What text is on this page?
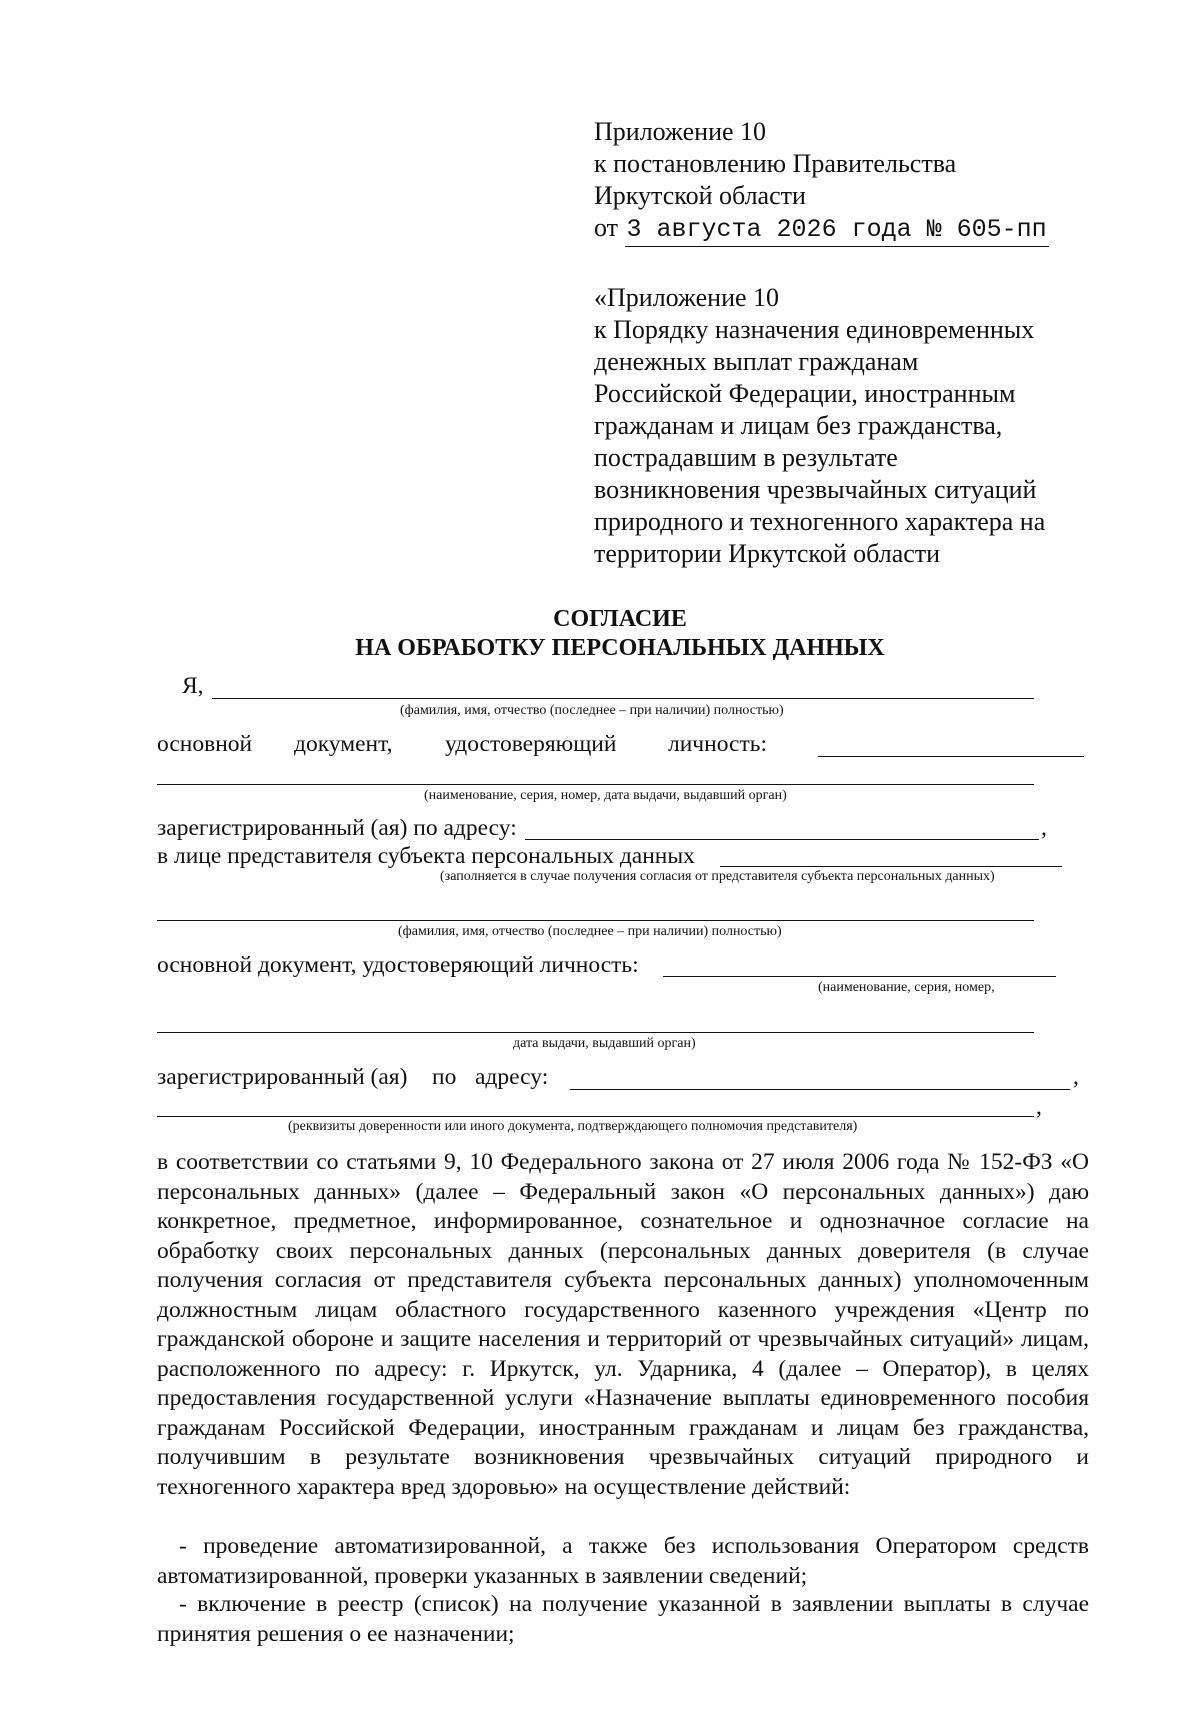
Приложение 10
к постановлению Правительства
Иркутской области
от 3 августа 2026 года № 605-пп
«Приложение 10
к Порядку назначения единовременных
денежных выплат гражданам
Российской Федерации, иностранным
гражданам и лицам без гражданства,
пострадавшим в результате
возникновения чрезвычайных ситуаций
природного и техногенного характера на
территории Иркутской области
СОГЛАСИЕ
НА ОБРАБОТКУ ПЕРСОНАЛЬНЫХ ДАННЫХ
Я,
(фамилия, имя, отчество (последнее – при наличии) полностью)
основной документ, удостоверяющий личность:
(наименование, серия, номер, дата выдачи, выдавший орган)
зарегистрированный (ая) по адресу:	,
в лице представителя субъекта персональных данных
(заполняется в случае получения согласия от представителя субъекта персональных данных)
(фамилия, имя, отчество (последнее – при наличии) полностью)
основной документ, удостоверяющий личность:
(наименование, серия, номер,
дата выдачи, выдавший орган)
зарегистрированный (ая) по адресу:	,
,
(реквизиты доверенности или иного документа, подтверждающего полномочия представителя)
в соответствии со статьями 9, 10 Федерального закона от 27 июля 2006 года № 152-ФЗ «О персональных данных» (далее – Федеральный закон «О персональных данных») даю конкретное, предметное, информированное, сознательное и однозначное согласие на обработку своих персональных данных (персональных данных доверителя (в случае получения согласия от представителя субъекта персональных данных) уполномоченным должностным лицам областного государственного казенного учреждения «Центр по гражданской обороне и защите населения и территорий от чрезвычайных ситуаций» лицам, расположенного по адресу: г. Иркутск, ул. Ударника, 4 (далее – Оператор), в целях предоставления государственной услуги «Назначение выплаты единовременного пособия гражданам Российской Федерации, иностранным гражданам и лицам без гражданства, получившим в результате возникновения чрезвычайных ситуаций природного и техногенного характера вред здоровью» на осуществление действий:
- проведение автоматизированной, а также без использования Оператором средств автоматизированной, проверки указанных в заявлении сведений;
- включение в реестр (список) на получение указанной в заявлении выплаты в случае принятия решения о ее назначении;
